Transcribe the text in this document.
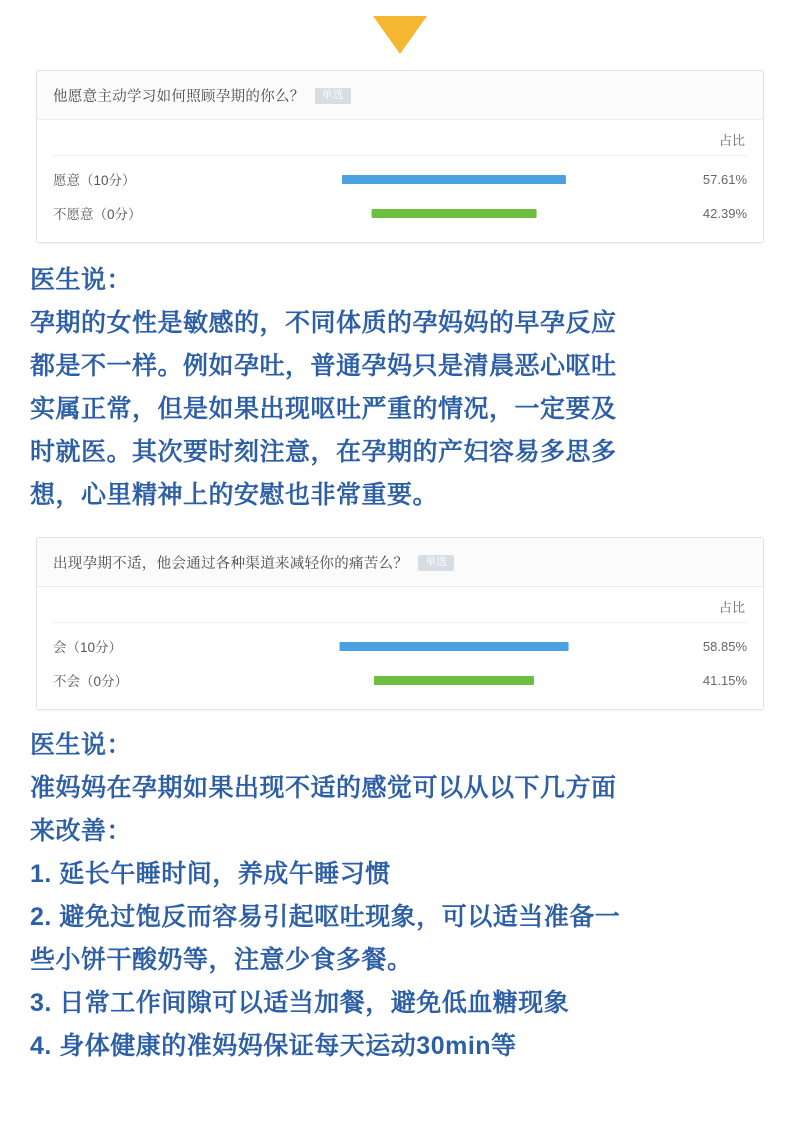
他愿意主动学习如何照顾孕期的你么？	单选
占比
愿意（10分）	57.61%
不愿意（0分）	42.39%

医生说：

孕期的女性是敏感的，不同体质的孕妈妈的早孕反应

都是不一样。例如孕吐，普通孕妈只是清晨恶心呕吐

实属正常，但是如果出现呕吐严重的情况，一定要及

时就医。其次要时刻注意，在孕期的产妇容易多思多

想，心里精神上的安慰也非常重要。

出现孕期不适，他会通过各种渠道来减轻你的痛苦么？	单选
占比
会（10分）	58.85%
不会（0分）	41.15%

医生说：

准妈妈在孕期如果出现不适的感觉可以从以下几方面

来改善：

1. 延长午睡时间，养成午睡习惯

2. 避免过饱反而容易引起呕吐现象，可以适当准备一

些小饼干酸奶等，注意少食多餐。

3. 日常工作间隙可以适当加餐，避免低血糖现象

4. 身体健康的准妈妈保证每天运动30min等
